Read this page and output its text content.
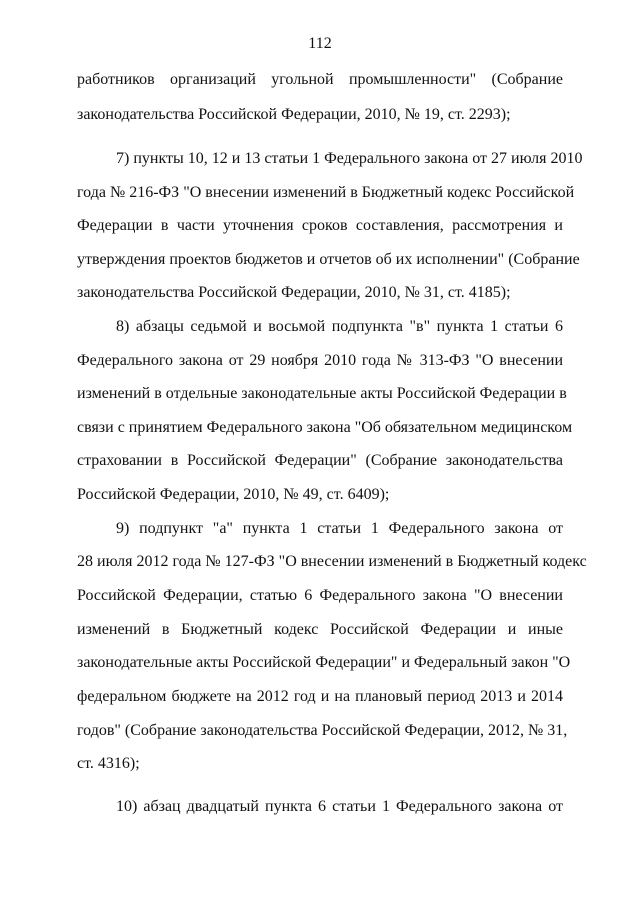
112
работников организаций угольной промышленности" (Собрание
законодательства Российской Федерации, 2010, № 19, ст. 2293);
7) пункты 10, 12 и 13 статьи 1 Федерального закона от 27 июля 2010
года № 216-ФЗ "О внесении изменений в Бюджетный кодекс Российской
Федерации в части уточнения сроков составления, рассмотрения и
утверждения проектов бюджетов и отчетов об их исполнении" (Собрание
законодательства Российской Федерации, 2010, № 31, ст. 4185);
8) абзацы седьмой и восьмой подпункта "в" пункта 1 статьи 6
Федерального закона от 29 ноября 2010 года № 313-ФЗ "О внесении
изменений в отдельные законодательные акты Российской Федерации в
связи с принятием Федерального закона "Об обязательном медицинском
страховании в Российской Федерации" (Собрание законодательства
Российской Федерации, 2010, № 49, ст. 6409);
9) подпункт "а" пункта 1 статьи 1 Федерального закона от
28 июля 2012 года № 127-ФЗ "О внесении изменений в Бюджетный кодекс
Российской Федерации, статью 6 Федерального закона "О внесении
изменений в Бюджетный кодекс Российской Федерации и иные
законодательные акты Российской Федерации" и Федеральный закон "О
федеральном бюджете на 2012 год и на плановый период 2013 и 2014
годов" (Собрание законодательства Российской Федерации, 2012, № 31,
ст. 4316);
10) абзац двадцатый пункта 6 статьи 1 Федерального закона от
